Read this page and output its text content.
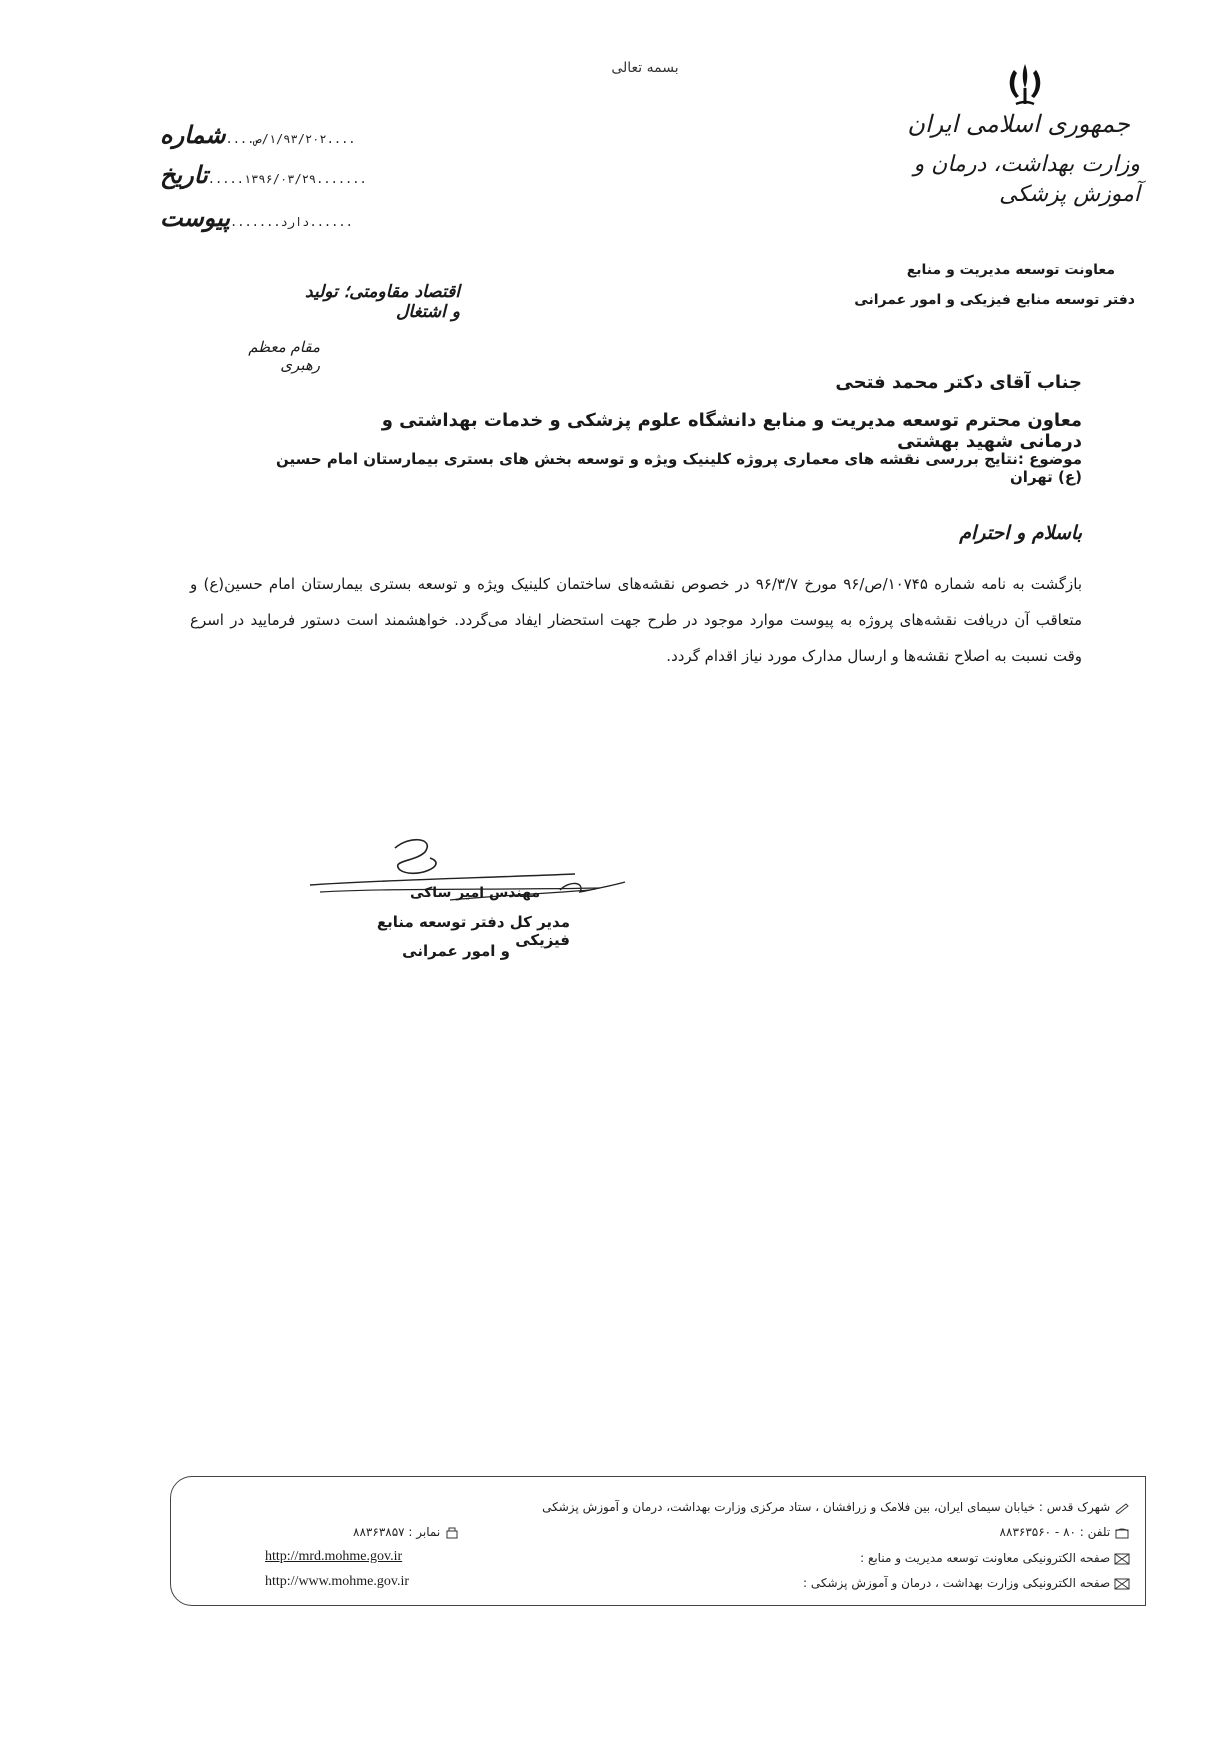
بسمه تعالی
جمهوری اسلامی ایران
وزارت بهداشت، درمان و آموزش پزشکی
معاونت توسعه مدیریت و منابع
دفتر توسعه منابع فیزیکی و امور عمرانی
شماره ....۱/۹۳/۲۰۲/ص....
تاریخ .......۱۳۹۶/۰۳/۲۹.....
پیوست ......دارد.......
اقتصاد مقاومتی؛ تولید و اشتغال
مقام معظم رهبری
جناب آقای دکتر محمد فتحی
معاون محترم توسعه مدیریت و منابع دانشگاه علوم پزشکی و خدمات بهداشتی و درمانی شهید بهشتی
موضوع :نتایج بررسی نقشه های معماری پروژه کلینیک ویژه و توسعه بخش های بستری بیمارستان امام حسین (ع) تهران
باسلام و احترام
بازگشت به نامه شماره ۱۰۷۴۵/ص/۹۶ مورخ ۹۶/۳/۷ در خصوص نقشه‌های ساختمان کلینیک ویژه و توسعه بستری بیمارستان امام حسین(ع) و متعاقب آن دریافت نقشه‌های پروژه به پیوست موارد موجود در طرح جهت استحضار ایفاد می‌گردد. خواهشمند است دستور فرمایید در اسرع وقت نسبت به اصلاح نقشه‌ها و ارسال مدارک مورد نیاز اقدام گردد.
مهندس امیر ساکی
مدیر کل دفتر توسعه منابع فیزیکی
و امور عمرانی
شهرک قدس : خیابان سیمای ایران، بین فلامک و زرافشان ، ستاد مرکزی وزارت بهداشت، درمان و آموزش پزشکی
تلفن : ۸۰ - ۸۸۳۶۳۵۶۰
نمابر : ۸۸۳۶۳۸۵۷
صفحه الکترونیکی معاونت توسعه مدیریت و منابع :
صفحه الکترونیکی وزارت بهداشت ، درمان و آموزش پزشکی :
http://mrd.mohme.gov.ir
http://www.mohme.gov.ir
